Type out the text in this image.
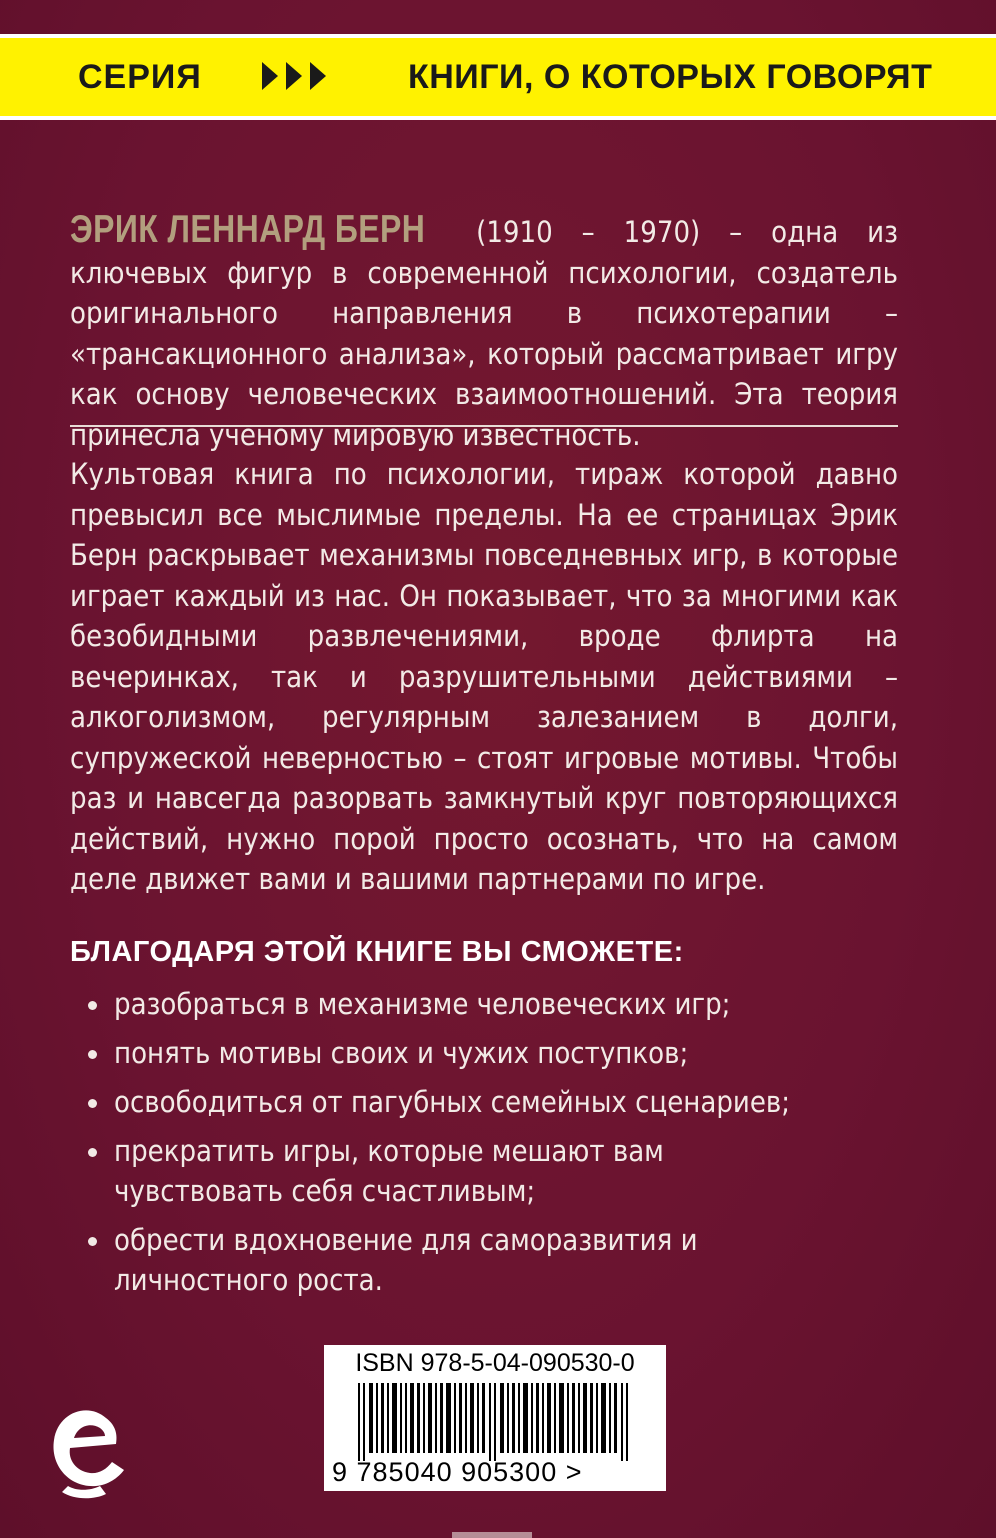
СЕРИЯ	КНИГИ, О КОТОРЫХ ГОВОРЯТ
ЭРИК ЛЕННАРД БЕРН (1910 – 1970) – одна из ключевых фигур в современной психологии, создатель оригинального направления в психотерапии – «трансакционного анализа», который рассматривает игру как основу человеческих взаимоотношений. Эта теория принесла ученому мировую известность.
Культовая книга по психологии, тираж которой давно превысил все мыслимые пределы. На ее страницах Эрик Берн раскрывает механизмы повседневных игр, в которые играет каждый из нас. Он показывает, что за многими как безобидными развлечениями, вроде флирта на вечеринках, так и разрушительными действиями – алкоголизмом, регулярным залезанием в долги, супружеской неверностью – стоят игровые мотивы. Чтобы раз и навсегда разорвать замкнутый круг повторяющихся действий, нужно порой просто осознать, что на самом деле движет вами и вашими партнерами по игре.
БЛАГОДАРЯ ЭТОЙ КНИГЕ ВЫ СМОЖЕТЕ:
разобраться в механизме человеческих игр;
понять мотивы своих и чужих поступков;
освободиться от пагубных семейных сценариев;
прекратить игры, которые мешают вам чувствовать себя счастливым;
обрести вдохновение для саморазвития и личностного роста.
ISBN 978-5-04-090530-0
9 785040 905300 >
